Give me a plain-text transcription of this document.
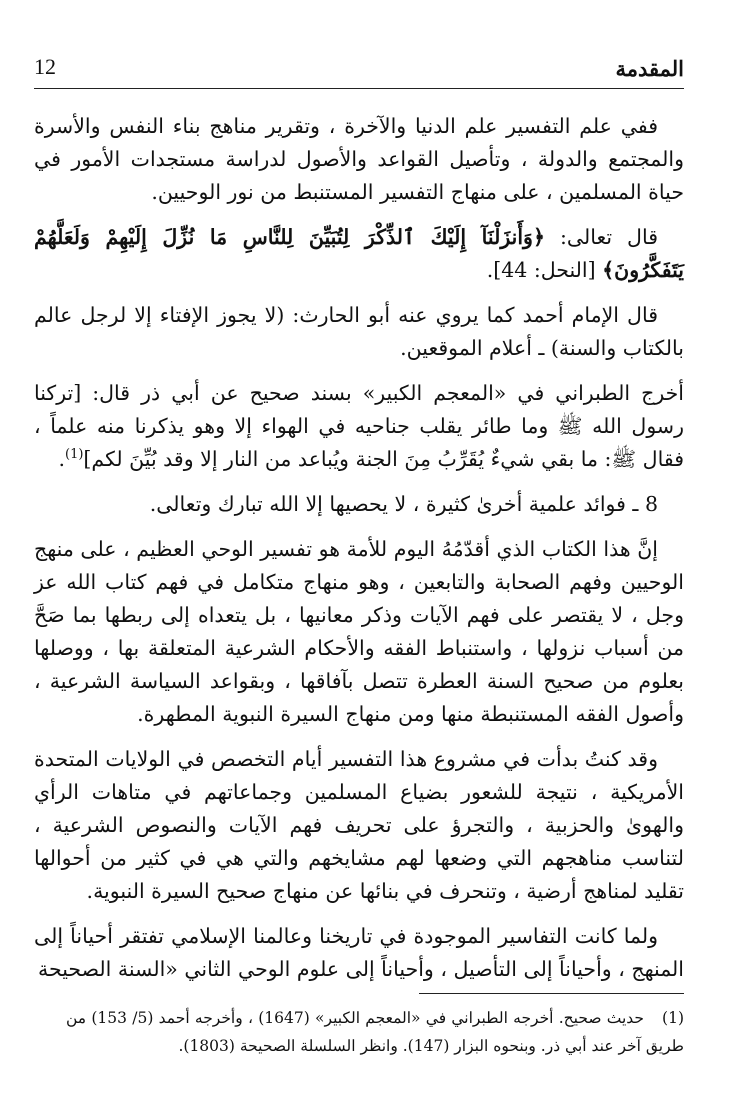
المقدمة
12

ففي علم التفسير علم الدنيا والآخرة ، وتقرير مناهج بناء النفس والأسرة والمجتمع والدولة ، وتأصيل القواعد والأصول لدراسة مستجدات الأمور في حياة المسلمين ، على منهاج التفسير المستنبط من نور الوحيين.

قال تعالى: ﴿وَأَنزَلْنَآ إِلَيْكَ ٱلذِّكْرَ لِتُبَيِّنَ لِلنَّاسِ مَا نُزِّلَ إِلَيْهِمْ وَلَعَلَّهُمْ يَتَفَكَّرُونَ﴾ [النحل: 44].

قال الإمام أحمد كما يروي عنه أبو الحارث: (لا يجوز الإفتاء إلا لرجل عالم بالكتاب والسنة) ـ أعلام الموقعين.

أخرج الطبراني في «المعجم الكبير» بسند صحيح عن أبي ذر قال: [تركنا رسول الله ﷺ وما طائر يقلب جناحيه في الهواء إلا وهو يذكرنا منه علماً ، فقال ﷺ: ما بقي شيءٌ يُقَرِّبُ مِنَ الجنة ويُباعد من النار إلا وقد بُيِّنَ لكم]$^{(1)}$.

8 ـ فوائد علمية أخرىٰ كثيرة ، لا يحصيها إلا الله تبارك وتعالى.

إنَّ هذا الكتاب الذي أقدّمُهُ اليوم للأمة هو تفسير الوحي العظيم ، على منهج الوحيين وفهم الصحابة والتابعين ، وهو منهاج متكامل في فهم كتاب الله عز وجل ، لا يقتصر على فهم الآيات وذكر معانيها ، بل يتعداه إلى ربطها بما صَحَّ من أسباب نزولها ، واستنباط الفقه والأحكام الشرعية المتعلقة بها ، ووصلها بعلوم من صحيح السنة العطرة تتصل بآفاقها ، وبقواعد السياسة الشرعية ، وأصول الفقه المستنبطة منها ومن منهاج السيرة النبوية المطهرة.

وقد كنتُ بدأت في مشروع هذا التفسير أيام التخصص في الولايات المتحدة الأمريكية ، نتيجة للشعور بضياع المسلمين وجماعاتهم في متاهات الرأي والهوىٰ والحزبية ، والتجرؤ على تحريف فهم الآيات والنصوص الشرعية ، لتناسب مناهجهم التي وضعها لهم مشايخهم والتي هي في كثير من أحوالها تقليد لمناهج أرضية ، وتنحرف في بنائها عن منهاج صحيح السيرة النبوية.

ولما كانت التفاسير الموجودة في تاريخنا وعالمنا الإسلامي تفتقر أحياناً إلى المنهج ، وأحياناً إلى التأصيل ، وأحياناً إلى علوم الوحي الثاني «السنة الصحيحة

(1)حديث صحيح. أخرجه الطبراني في «المعجم الكبير» (1647) ، وأخرجه أحمد (5/ 153) من طريق آخر عند أبي ذر. وبنحوه البزار (147). وانظر السلسلة الصحيحة (1803).
